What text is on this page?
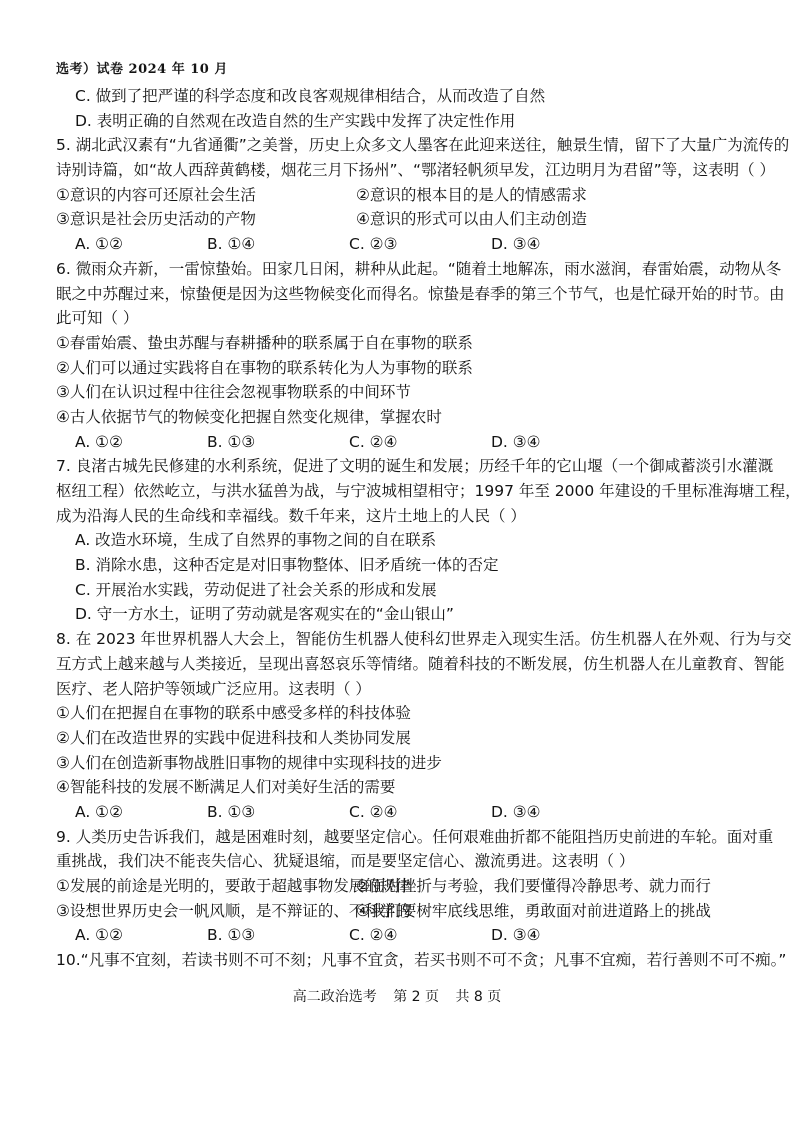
选考）试卷 2024 年 10 月
C. 做到了把严谨的科学态度和改良客观规律相结合，从而改造了自然
D. 表明正确的自然观在改造自然的生产实践中发挥了决定性作用
5. 湖北武汉素有“九省通衢”之美誉，历史上众多文人墨客在此迎来送往，触景生情，留下了大量广为流传的
诗别诗篇，如“故人西辞黄鹤楼，烟花三月下扬州”、“鄂渚轻帆须早发，江边明月为君留”等，这表明（ ）
①意识的内容可还原社会生活	②意识的根本目的是人的情感需求
③意识是社会历史活动的产物	④意识的形式可以由人们主动创造
A. ①②	B. ①④	C. ②③	D. ③④
6. 微雨众卉新，一雷惊蛰始。田家几日闲，耕种从此起。“随着土地解冻，雨水滋润，春雷始震，动物从冬
眠之中苏醒过来，惊蛰便是因为这些物候变化而得名。惊蛰是春季的第三个节气，也是忙碌开始的时节。由
此可知（ ）
①春雷始震、蛰虫苏醒与春耕播种的联系属于自在事物的联系
②人们可以通过实践将自在事物的联系转化为人为事物的联系
③人们在认识过程中往往会忽视事物联系的中间环节
④古人依据节气的物候变化把握自然变化规律，掌握农时
A. ①②	B. ①③	C. ②④	D. ③④
7. 良渚古城先民修建的水利系统，促进了文明的诞生和发展；历经千年的它山堰（一个御咸蓄淡引水灌溉
枢纽工程）依然屹立，与洪水猛兽为战，与宁波城相望相守；1997 年至 2000 年建设的千里标准海塘工程，
成为沿海人民的生命线和幸福线。数千年来，这片土地上的人民（ ）
A. 改造水环境，生成了自然界的事物之间的自在联系
B. 消除水患，这种否定是对旧事物整体、旧矛盾统一体的否定
C. 开展治水实践，劳动促进了社会关系的形成和发展
D. 守一方水土，证明了劳动就是客观实在的“金山银山”
8. 在 2023 年世界机器人大会上，智能仿生机器人使科幻世界走入现实生活。仿生机器人在外观、行为与交
互方式上越来越与人类接近，呈现出喜怒哀乐等情绪。随着科技的不断发展，仿生机器人在儿童教育、智能
医疗、老人陪护等领域广泛应用。这表明（ ）
①人们在把握自在事物的联系中感受多样的科技体验
②人们在改造世界的实践中促进科技和人类协同发展
③人们在创造新事物战胜旧事物的规律中实现科技的进步
④智能科技的发展不断满足人们对美好生活的需要
A. ①②	B. ①③	C. ②④	D. ③④
9. 人类历史告诉我们，越是困难时刻，越要坚定信心。任何艰难曲折都不能阻挡历史前进的车轮。面对重
重挑战，我们决不能丧失信心、犹疑退缩，而是要坚定信心、激流勇进。这表明（ ）
①发展的前途是光明的，要敢于超越事物发展的规律
②面对挫折与考验，我们要懂得冷静思考、就力而行
③设想世界历史会一帆风顺，是不辩证的、不科学的
④我们要树牢底线思维，勇敢面对前进道路上的挑战
A. ①②	B. ①③	C. ②④	D. ③④
10.“凡事不宜刻，若读书则不可不刻；凡事不宜贪，若买书则不可不贪；凡事不宜痴，若行善则不可不痴。”
高二政治选考 第 2 页 共 8 页
